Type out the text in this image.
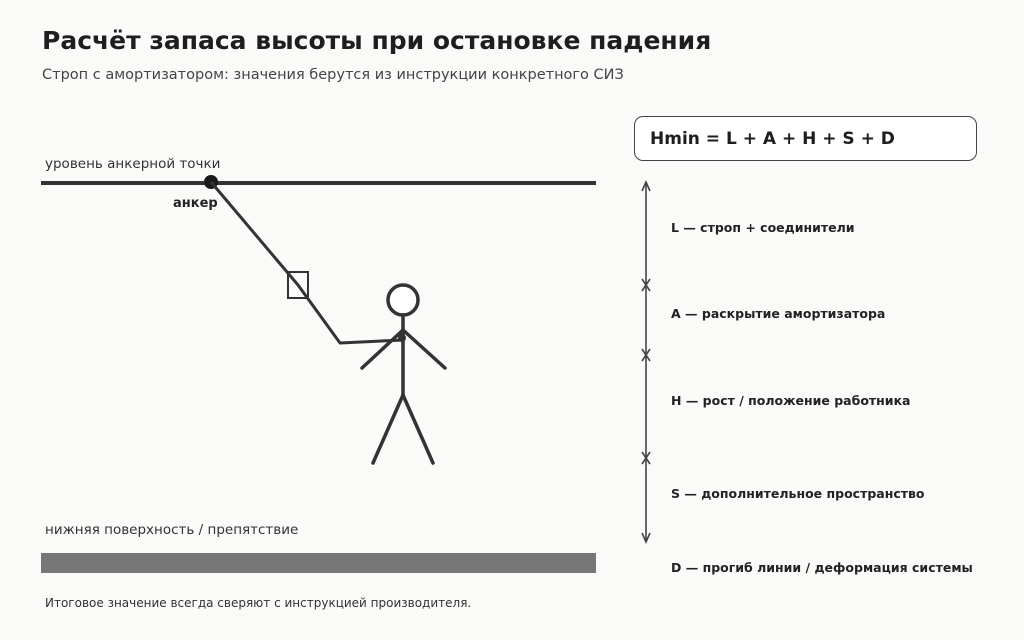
Расчёт запаса высоты при остановке падения
Строп с амортизатором: значения берутся из инструкции конкретного СИЗ
уровень анкерной точки
анкер
нижняя поверхность / препятствие
Hmin = L + A + H + S + D
L — строп + соединители
A — раскрытие амортизатора
H — рост / положение работника
S — дополнительное пространство
D — прогиб линии / деформация системы
Итоговое значение всегда сверяют с инструкцией производителя.
